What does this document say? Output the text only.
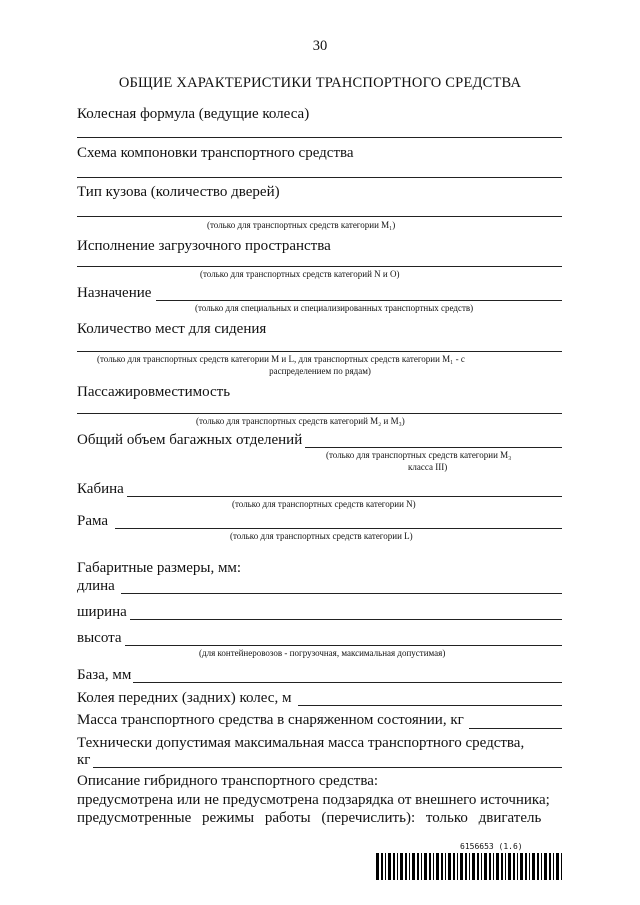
30
ОБЩИЕ ХАРАКТЕРИСТИКИ ТРАНСПОРТНОГО СРЕДСТВА
Колесная формула (ведущие колеса)
Схема компоновки транспортного средства
Тип кузова (количество дверей)
(только для транспортных средств категории M₁)
Исполнение загрузочного пространства
(только для транспортных средств категорий N и O)
Назначение
(только для специальных и специализированных транспортных средств)
Количество мест для сидения
(только для транспортных средств категории M и L, для транспортных средств категории M₁ - с
распределением по рядам)
Пассажировместимость
(только для транспортных средств категорий M₂ и M₃)
Общий объем багажных отделений
(только для транспортных средств категории M₃
класса III)
Кабина
(только для транспортных средств категории N)
Рама
(только для транспортных средств категории L)
Габаритные размеры, мм:
длина
ширина
высота
(для контейнеровозов - погрузочная, максимальная допустимая)
База, мм
Колея передних (задних) колес, м
Масса транспортного средства в снаряженном состоянии, кг
Технически допустимая максимальная масса транспортного средства,
кг
Описание гибридного транспортного средства:
предусмотрена или не предусмотрена подзарядка от внешнего источника;
предусмотренные режимы работы (перечислить): только двигатель
6156653 (1.6)
